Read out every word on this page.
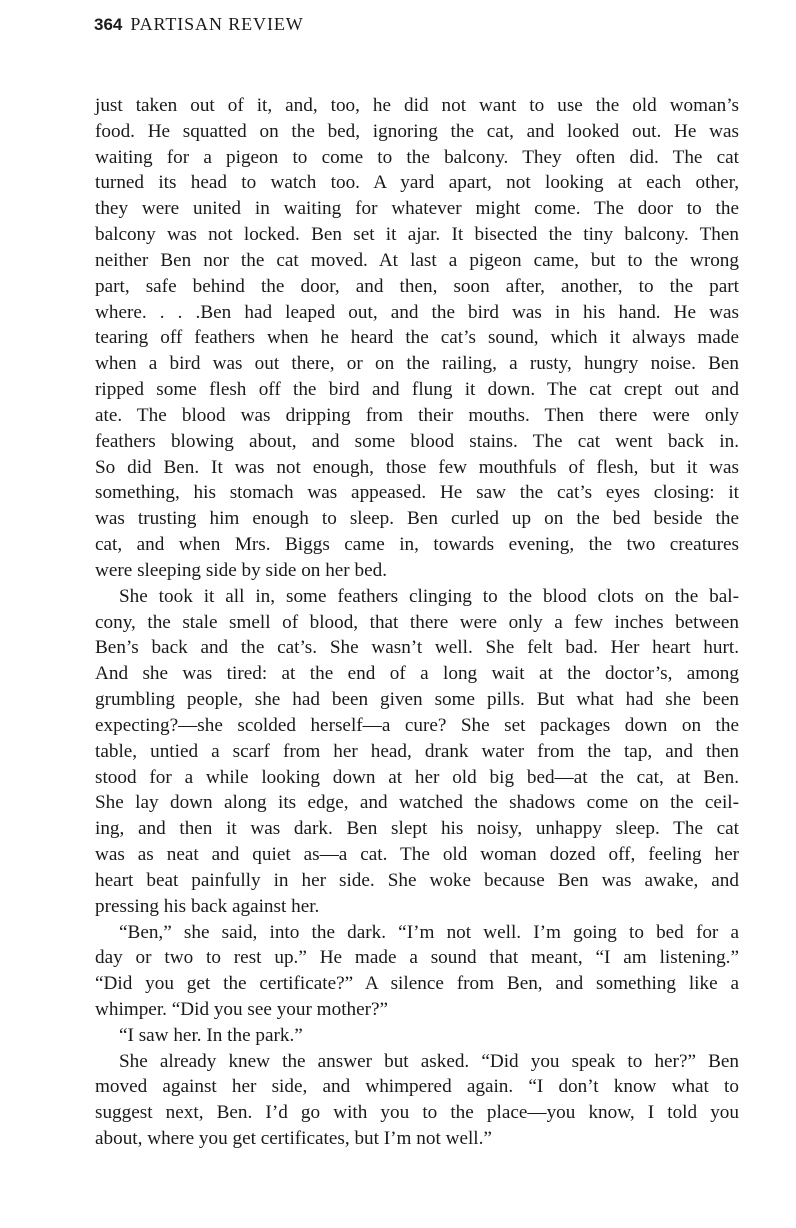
364 PARTISAN REVIEW
just taken out of it, and, too, he did not want to use the old woman’s
food. He squatted on the bed, ignoring the cat, and looked out. He was
waiting for a pigeon to come to the balcony. They often did. The cat
turned its head to watch too. A yard apart, not looking at each other,
they were united in waiting for whatever might come. The door to the
balcony was not locked. Ben set it ajar. It bisected the tiny balcony. Then
neither Ben nor the cat moved. At last a pigeon came, but to the wrong
part, safe behind the door, and then, soon after, another, to the part
where. . . .Ben had leaped out, and the bird was in his hand. He was
tearing off feathers when he heard the cat’s sound, which it always made
when a bird was out there, or on the railing, a rusty, hungry noise. Ben
ripped some flesh off the bird and flung it down. The cat crept out and
ate. The blood was dripping from their mouths. Then there were only
feathers blowing about, and some blood stains. The cat went back in.
So did Ben. It was not enough, those few mouthfuls of flesh, but it was
something, his stomach was appeased. He saw the cat’s eyes closing: it
was trusting him enough to sleep. Ben curled up on the bed beside the
cat, and when Mrs. Biggs came in, towards evening, the two creatures
were sleeping side by side on her bed.
She took it all in, some feathers clinging to the blood clots on the bal-
cony, the stale smell of blood, that there were only a few inches between
Ben’s back and the cat’s. She wasn’t well. She felt bad. Her heart hurt.
And she was tired: at the end of a long wait at the doctor’s, among
grumbling people, she had been given some pills. But what had she been
expecting?—she scolded herself—a cure? She set packages down on the
table, untied a scarf from her head, drank water from the tap, and then
stood for a while looking down at her old big bed—at the cat, at Ben.
She lay down along its edge, and watched the shadows come on the ceil-
ing, and then it was dark. Ben slept his noisy, unhappy sleep. The cat
was as neat and quiet as—a cat. The old woman dozed off, feeling her
heart beat painfully in her side. She woke because Ben was awake, and
pressing his back against her.
“Ben,” she said, into the dark. “I’m not well. I’m going to bed for a
day or two to rest up.” He made a sound that meant, “I am listening.”
“Did you get the certificate?” A silence from Ben, and something like a
whimper. “Did you see your mother?”
“I saw her. In the park.”
She already knew the answer but asked. “Did you speak to her?” Ben
moved against her side, and whimpered again. “I don’t know what to
suggest next, Ben. I’d go with you to the place—you know, I told you
about, where you get certificates, but I’m not well.”
